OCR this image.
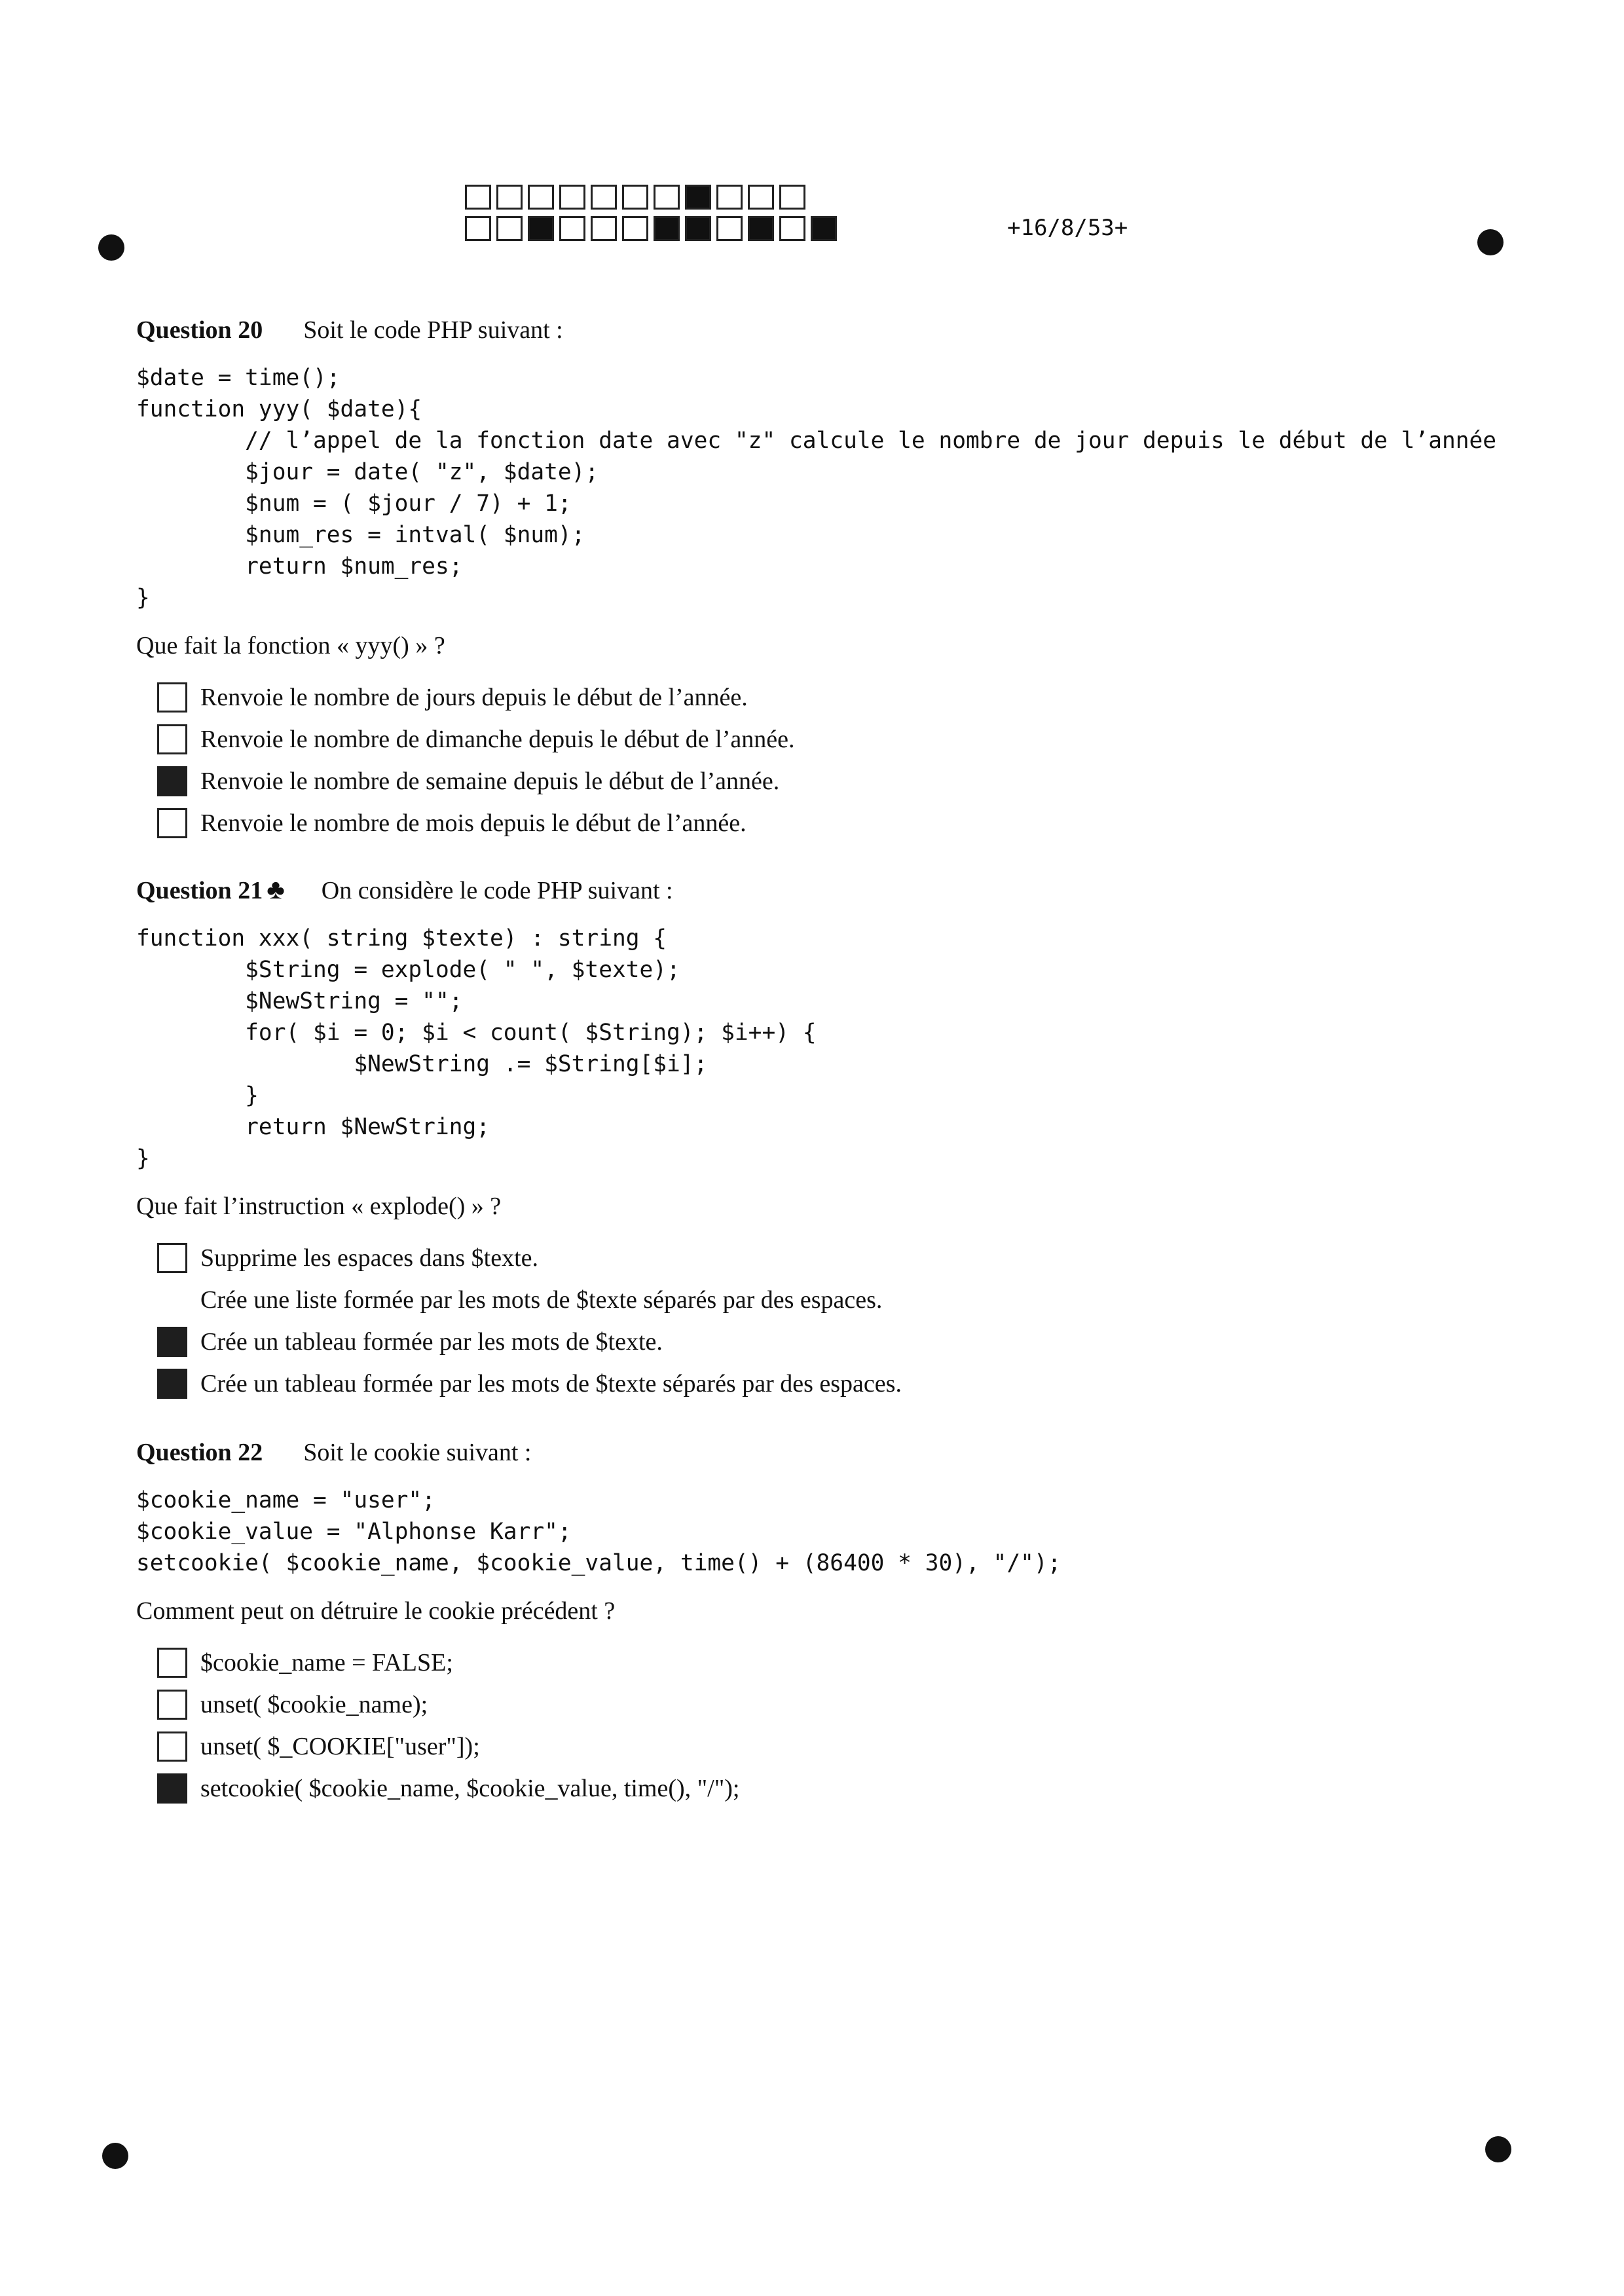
+16/8/53+
Question 20 Soit le code PHP suivant :
$date = time();
function yyy( $date){
// l’appel de la fonction date avec "z" calcule le nombre de jour depuis le début de l’année
$jour = date( "z", $date);
$num = ( $jour / 7) + 1;
$num_res = intval( $num);
return $num_res;
}
Que fait la fonction « yyy() » ?
Renvoie le nombre de jours depuis le début de l’année.
Renvoie le nombre de dimanche depuis le début de l’année.
Renvoie le nombre de semaine depuis le début de l’année.
Renvoie le nombre de mois depuis le début de l’année.
Question 21 ♣ On considère le code PHP suivant :
function xxx( string $texte) : string {
$String = explode( " ", $texte);
$NewString = "";
for( $i = 0; $i < count( $String); $i++) {
$NewString .= $String[$i];
}
return $NewString;
}
Que fait l’instruction « explode() » ?
Supprime les espaces dans $texte.
Crée une liste formée par les mots de $texte séparés par des espaces.
Crée un tableau formée par les mots de $texte.
Crée un tableau formée par les mots de $texte séparés par des espaces.
Question 22 Soit le cookie suivant :
$cookie_name = "user";
$cookie_value = "Alphonse Karr";
setcookie( $cookie_name, $cookie_value, time() + (86400 * 30), "/");
Comment peut on détruire le cookie précédent ?
$cookie_name = FALSE;
unset( $cookie_name);
unset( $_COOKIE["user"]);
setcookie( $cookie_name, $cookie_value, time(), "/");
